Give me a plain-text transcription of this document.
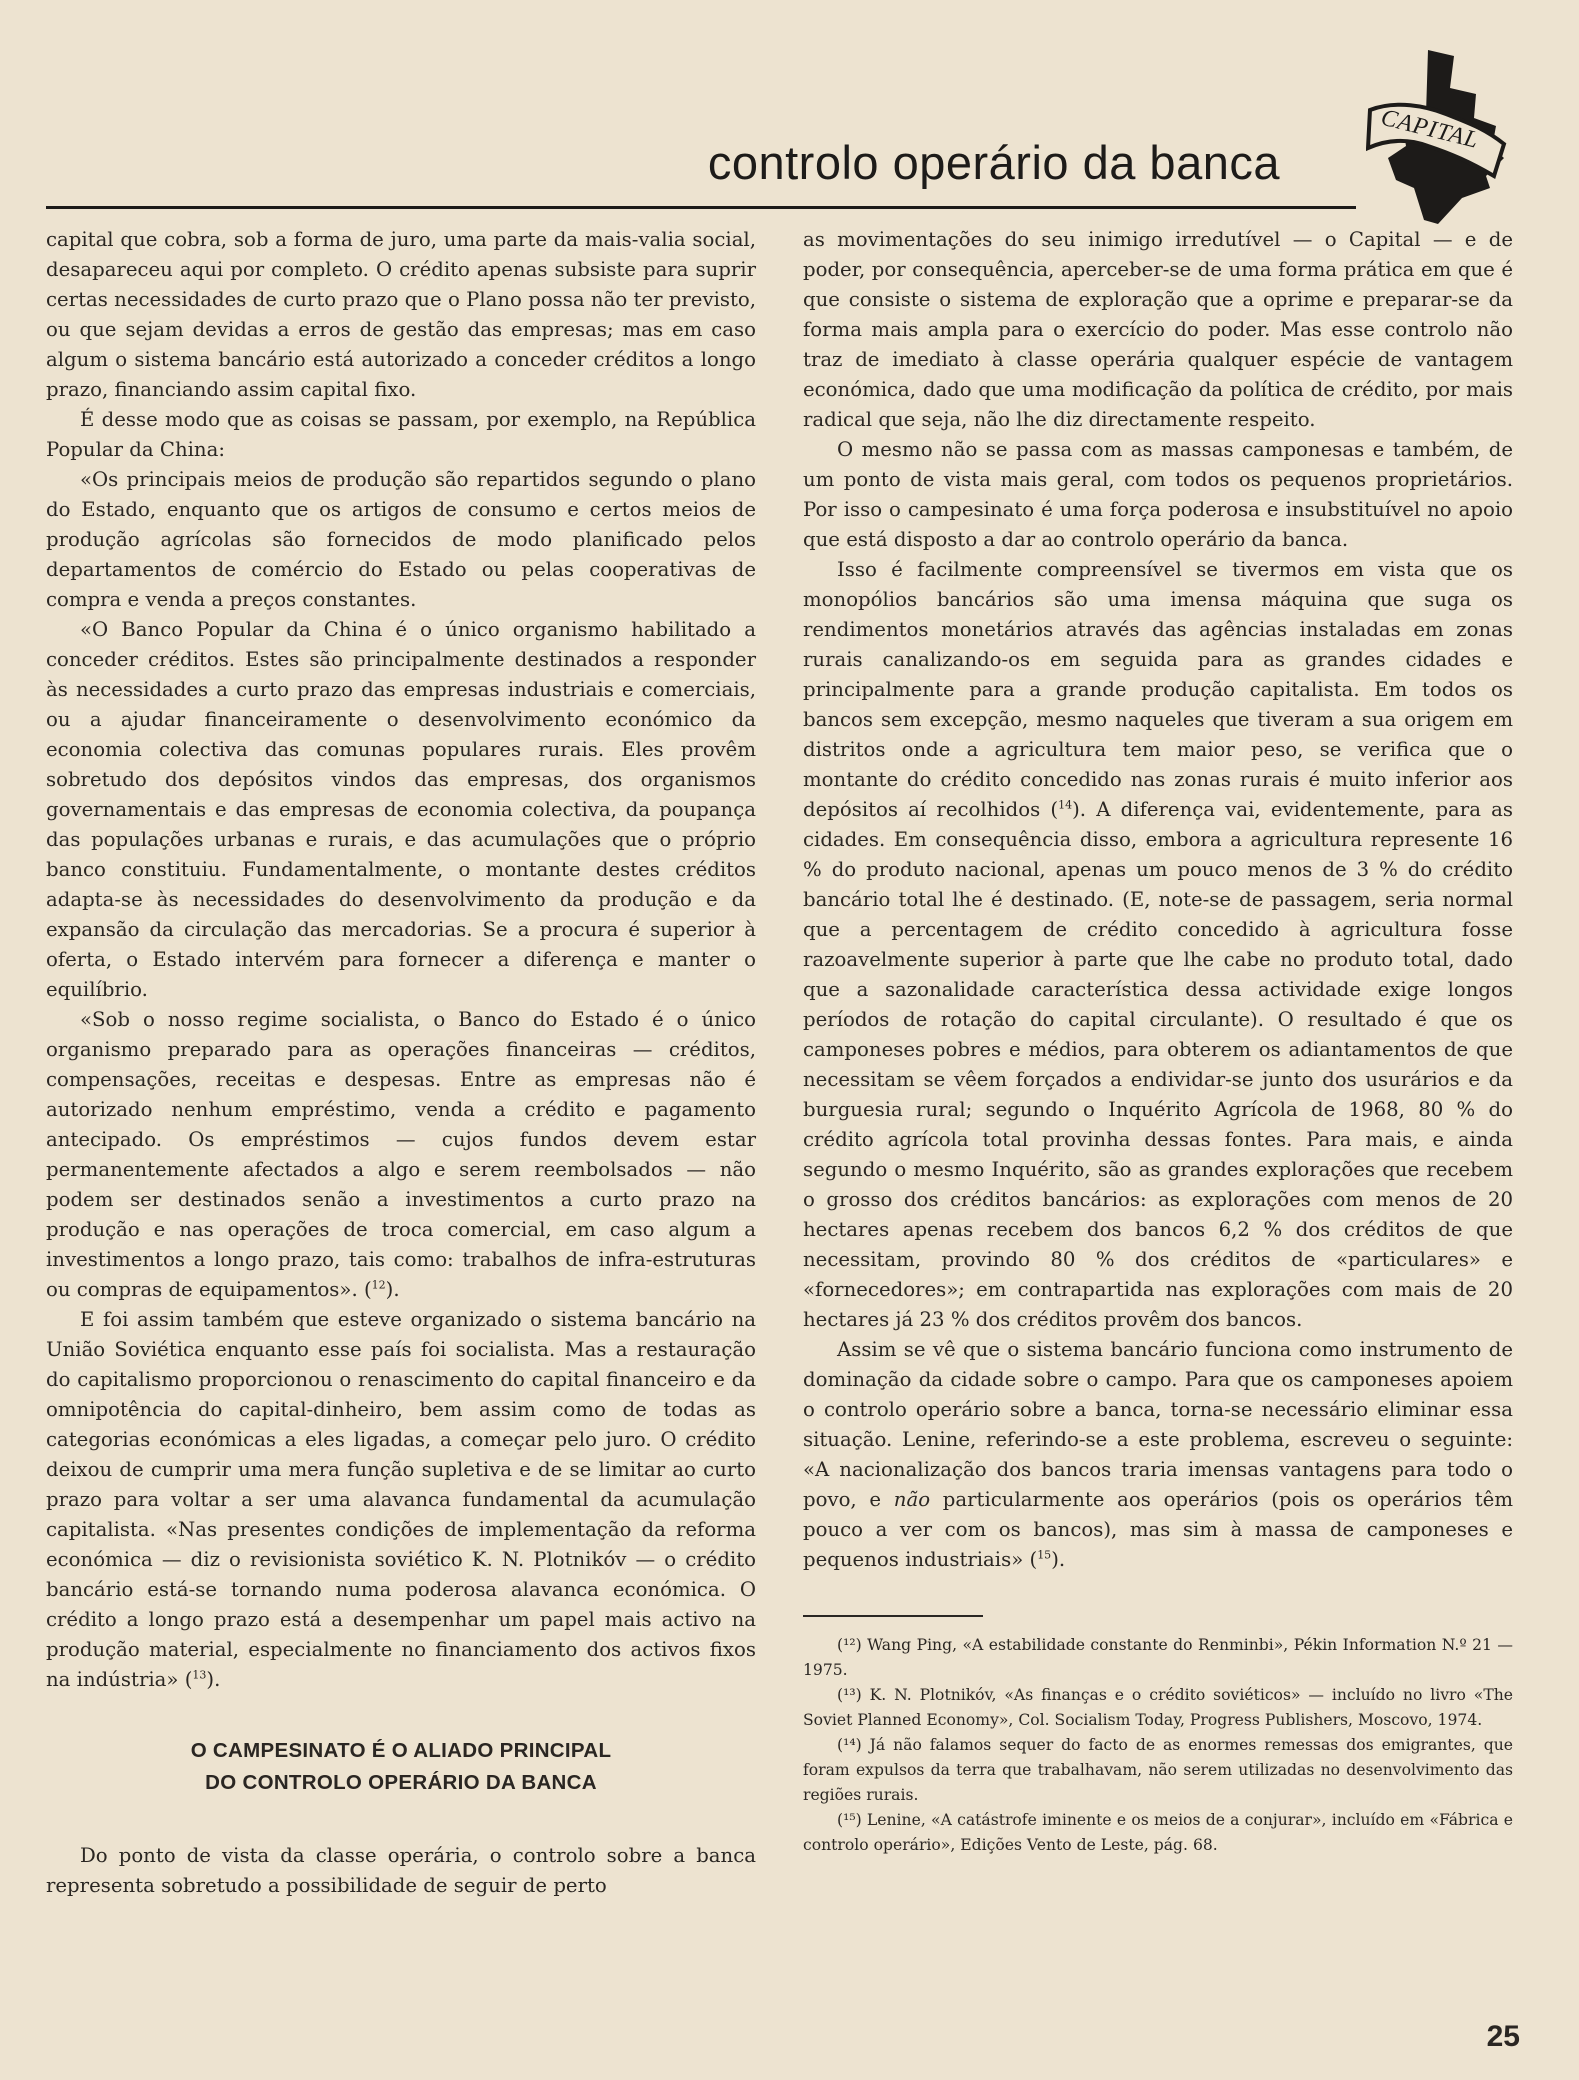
controlo operário da banca
CAPITAL

capital que cobra, sob a forma de juro, uma parte da mais-valia social, desapareceu aqui por completo. O crédito apenas subsiste para suprir certas necessidades de curto prazo que o Plano possa não ter previsto, ou que sejam devidas a erros de gestão das empresas; mas em caso algum o sistema bancário está autorizado a conceder créditos a longo prazo, financiando assim capital fixo.

É desse modo que as coisas se passam, por exemplo, na República Popular da China:

«Os principais meios de produção são repartidos segundo o plano do Estado, enquanto que os artigos de consumo e certos meios de produção agrícolas são fornecidos de modo planificado pelos departamentos de comércio do Estado ou pelas cooperativas de compra e venda a preços constantes.

«O Banco Popular da China é o único organismo habilitado a conceder créditos. Estes são principalmente destinados a responder às necessidades a curto prazo das empresas industriais e comerciais, ou a ajudar financeiramente o desenvolvimento económico da economia colectiva das comunas populares rurais. Eles provêm sobretudo dos depósitos vindos das empresas, dos organismos governamentais e das empresas de economia colectiva, da poupança das populações urbanas e rurais, e das acumulações que o próprio banco constituiu. Fundamentalmente, o montante destes créditos adapta-se às necessidades do desenvolvimento da produção e da expansão da circulação das mercadorias. Se a procura é superior à oferta, o Estado intervém para fornecer a diferença e manter o equilíbrio.

«Sob o nosso regime socialista, o Banco do Estado é o único organismo preparado para as operações financeiras — créditos, compensações, receitas e despesas. Entre as empresas não é autorizado nenhum empréstimo, venda a crédito e pagamento antecipado. Os empréstimos — cujos fundos devem estar permanentemente afectados a algo e serem reembolsados — não podem ser destinados senão a investimentos a curto prazo na produção e nas operações de troca comercial, em caso algum a investimentos a longo prazo, tais como: trabalhos de infra-estruturas ou compras de equipamentos». ($^{12}$).

E foi assim também que esteve organizado o sistema bancário na União Soviética enquanto esse país foi socialista. Mas a restauração do capitalismo proporcionou o renascimento do capital financeiro e da omnipotência do capital-dinheiro, bem assim como de todas as categorias económicas a eles ligadas, a começar pelo juro. O crédito deixou de cumprir uma mera função supletiva e de se limitar ao curto prazo para voltar a ser uma alavanca fundamental da acumulação capitalista. «Nas presentes condições de implementação da reforma económica — diz o revisionista soviético K. N. Plotnikóv — o crédito bancário está-se tornando numa poderosa alavanca económica. O crédito a longo prazo está a desempenhar um papel mais activo na produção material, especialmente no financiamento dos activos fixos na indústria» ($^{13}$).

O CAMPESINATO É O ALIADO PRINCIPAL
DO CONTROLO OPERÁRIO DA BANCA

Do ponto de vista da classe operária, o controlo sobre a banca representa sobretudo a possibilidade de seguir de perto

as movimentações do seu inimigo irredutível — o Capital — e de poder, por consequência, aperceber-se de uma forma prática em que é que consiste o sistema de exploração que a oprime e preparar-se da forma mais ampla para o exercício do poder. Mas esse controlo não traz de imediato à classe operária qualquer espécie de vantagem económica, dado que uma modificação da política de crédito, por mais radical que seja, não lhe diz directamente respeito.

O mesmo não se passa com as massas camponesas e também, de um ponto de vista mais geral, com todos os pequenos proprietários. Por isso o campesinato é uma força poderosa e insubstituível no apoio que está disposto a dar ao controlo operário da banca.

Isso é facilmente compreensível se tivermos em vista que os monopólios bancários são uma imensa máquina que suga os rendimentos monetários através das agências instaladas em zonas rurais canalizando-os em seguida para as grandes cidades e principalmente para a grande produção capitalista. Em todos os bancos sem excepção, mesmo naqueles que tiveram a sua origem em distritos onde a agricultura tem maior peso, se verifica que o montante do crédito concedido nas zonas rurais é muito inferior aos depósitos aí recolhidos ($^{14}$). A diferença vai, evidentemente, para as cidades. Em consequência disso, embora a agricultura represente 16 % do produto nacional, apenas um pouco menos de 3 % do crédito bancário total lhe é destinado. (E, note-se de passagem, seria normal que a percentagem de crédito concedido à agricultura fosse razoavelmente superior à parte que lhe cabe no produto total, dado que a sazonalidade característica dessa actividade exige longos períodos de rotação do capital circulante). O resultado é que os camponeses pobres e médios, para obterem os adiantamentos de que necessitam se vêem forçados a endividar-se junto dos usurários e da burguesia rural; segundo o Inquérito Agrícola de 1968, 80 % do crédito agrícola total provinha dessas fontes. Para mais, e ainda segundo o mesmo Inquérito, são as grandes explorações que recebem o grosso dos créditos bancários: as explorações com menos de 20 hectares apenas recebem dos bancos 6,2 % dos créditos de que necessitam, provindo 80 % dos créditos de «particulares» e «fornecedores»; em contrapartida nas explorações com mais de 20 hectares já 23 % dos créditos provêm dos bancos.

Assim se vê que o sistema bancário funciona como instrumento de dominação da cidade sobre o campo. Para que os camponeses apoiem o controlo operário sobre a banca, torna-se necessário eliminar essa situação. Lenine, referindo-se a este problema, escreveu o seguinte: «A nacionalização dos bancos traria imensas vantagens para todo o povo, e não particularmente aos operários (pois os operários têm pouco a ver com os bancos), mas sim à massa de camponeses e pequenos industriais» ($^{15}$).

(¹²) Wang Ping, «A estabilidade constante do Renminbi», Pékin Information N.º 21 — 1975.

(¹³) K. N. Plotnikóv, «As finanças e o crédito soviéticos» — incluído no livro «The Soviet Planned Economy», Col. Socialism Today, Progress Publishers, Moscovo, 1974.

(¹⁴) Já não falamos sequer do facto de as enormes remessas dos emigrantes, que foram expulsos da terra que trabalhavam, não serem utilizadas no desenvolvimento das regiões rurais.

(¹⁵) Lenine, «A catástrofe iminente e os meios de a conjurar», incluído em «Fábrica e controlo operário», Edições Vento de Leste, pág. 68.

25
